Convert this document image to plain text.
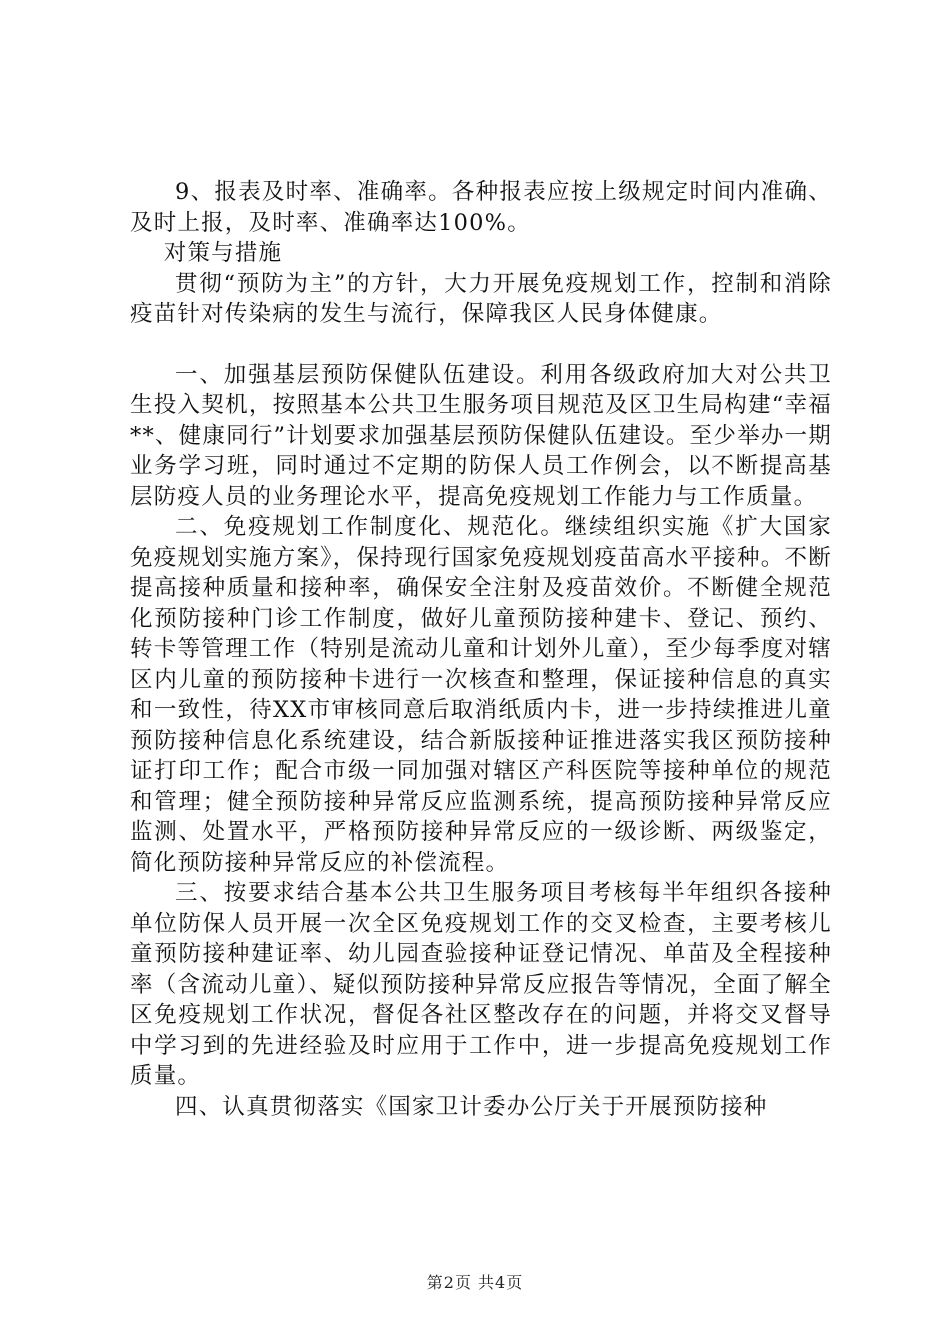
9、报表及时率、准确率。各种报表应按上级规定时间内准确、及时上报，及时率、准确率达100%。

对策与措施

贯彻“预防为主”的方针，大力开展免疫规划工作，控制和消除疫苗针对传染病的发生与流行，保障我区人民身体健康。

一、加强基层预防保健队伍建设。利用各级政府加大对公共卫生投入契机，按照基本公共卫生服务项目规范及区卫生局构建“幸福**、健康同行”计划要求加强基层预防保健队伍建设。至少举办一期业务学习班，同时通过不定期的防保人员工作例会，以不断提高基层防疫人员的业务理论水平，提高免疫规划工作能力与工作质量。

二、免疫规划工作制度化、规范化。继续组织实施《扩大国家免疫规划实施方案》，保持现行国家免疫规划疫苗高水平接种。不断提高接种质量和接种率，确保安全注射及疫苗效价。不断健全规范化预防接种门诊工作制度，做好儿童预防接种建卡、登记、预约、转卡等管理工作（特别是流动儿童和计划外儿童），至少每季度对辖区内儿童的预防接种卡进行一次核查和整理，保证接种信息的真实和一致性，待XX市审核同意后取消纸质内卡，进一步持续推进儿童预防接种信息化系统建设，结合新版接种证推进落实我区预防接种证打印工作；配合市级一同加强对辖区产科医院等接种单位的规范和管理；健全预防接种异常反应监测系统，提高预防接种异常反应监测、处置水平，严格预防接种异常反应的一级诊断、两级鉴定，简化预防接种异常反应的补偿流程。

三、按要求结合基本公共卫生服务项目考核每半年组织各接种单位防保人员开展一次全区免疫规划工作的交叉检查，主要考核儿童预防接种建证率、幼儿园查验接种证登记情况、单苗及全程接种率（含流动儿童）、疑似预防接种异常反应报告等情况，全面了解全区免疫规划工作状况，督促各社区整改存在的问题，并将交叉督导中学习到的先进经验及时应用于工作中，进一步提高免疫规划工作质量。

四、认真贯彻落实《国家卫计委办公厅关于开展预防接种

第2页 共4页
